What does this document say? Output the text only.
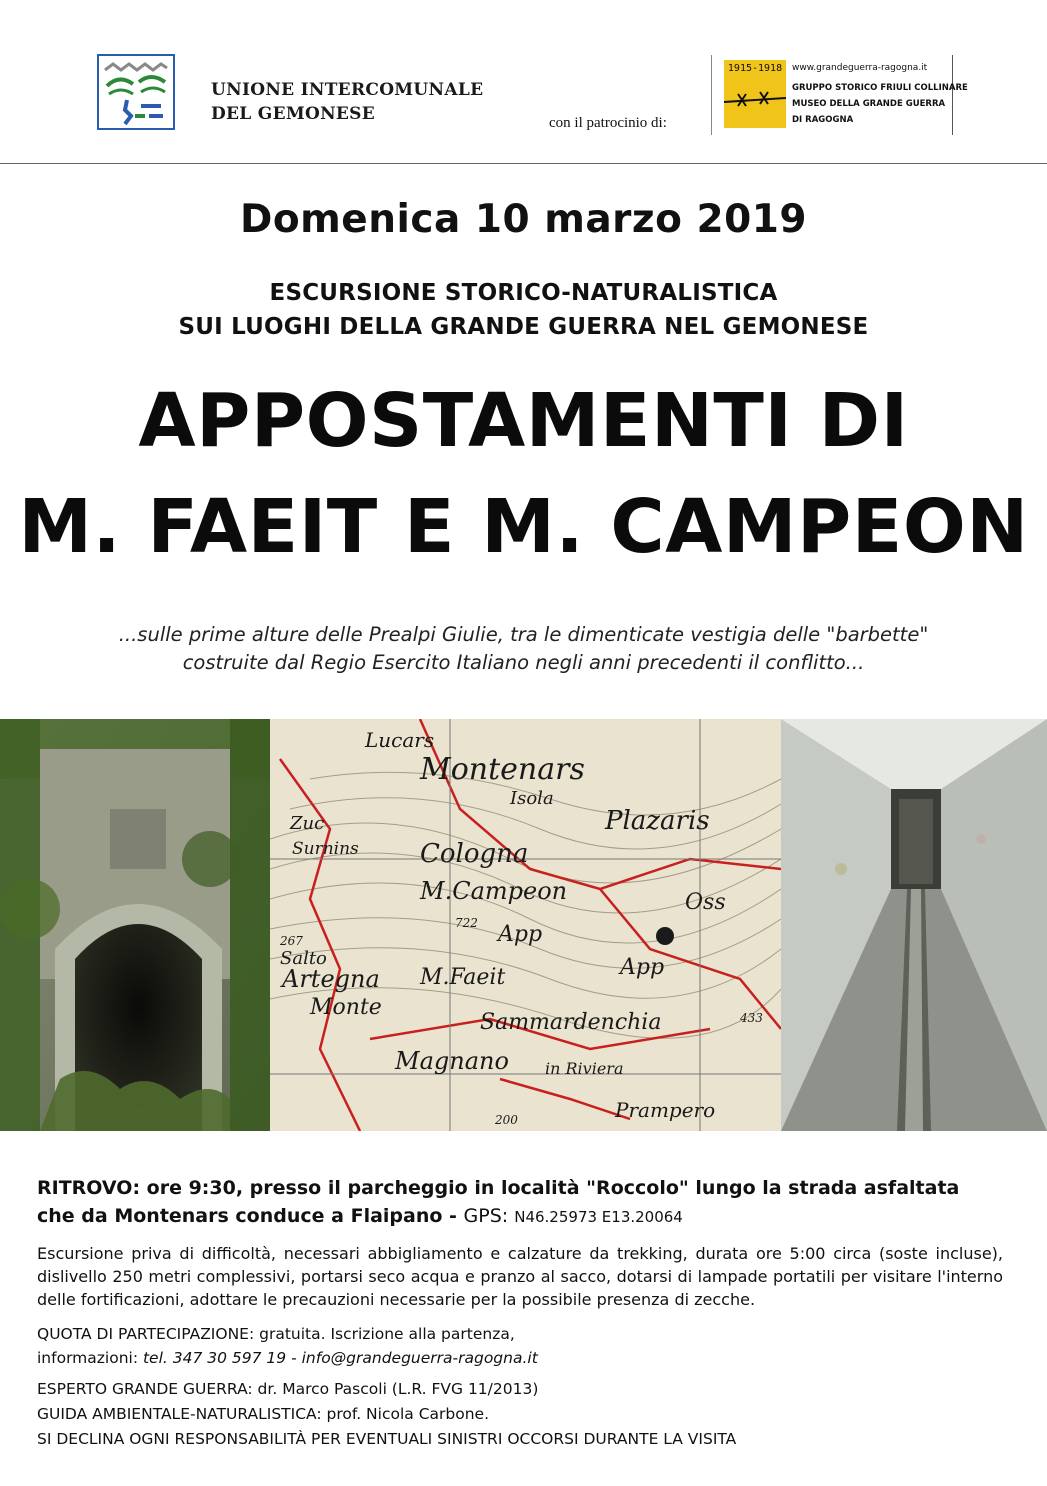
UNIONE INTERCOMUNALE
DEL GEMONESE	con il patrocinio di:
1915-1918	www.grandeguerra-ragogna.it
GRUPPO STORICO FRIULI COLLINARE
MUSEO DELLA GRANDE GUERRA
DI RAGOGNA
Domenica 10 marzo 2019
ESCURSIONE STORICO-NATURALISTICA
SUI LUOGHI DELLA GRANDE GUERRA NEL GEMONESE
APPOSTAMENTI DI
M. FAEIT E M. CAMPEON
...sulle prime alture delle Prealpi Giulie, tra le dimenticate vestigia delle "barbette"
costruite dal Regio Esercito Italiano negli anni precedenti il conflitto...
Lucars
Montenars
Isola
Plazaris
Zuc
Surnins Cologna
M.Campeon	Oss
Salto
App
App
Artegna M.Faeit
Monte
Sammardenchia
Magnano in Riviera
Prampero
722
433
200
267
RITROVO: ore 9:30, presso il parcheggio in località "Roccolo" lungo la strada asfaltata
che da Montenars conduce a Flaipano - GPS: N46.25973 E13.20064
Escursione priva di difficoltà, necessari abbigliamento e calzature da trekking, durata ore 5:00 circa (soste incluse), dislivello 250 metri complessivi, portarsi seco acqua e pranzo al sacco, dotarsi di lampade portatili per visitare l'interno delle fortificazioni, adottare le precauzioni necessarie per la possibile presenza di zecche.
QUOTA DI PARTECIPAZIONE: gratuita. Iscrizione alla partenza,
informazioni: tel. 347 30 597 19 - info@grandeguerra-ragogna.it
ESPERTO GRANDE GUERRA: dr. Marco Pascoli (L.R. FVG 11/2013)
GUIDA AMBIENTALE-NATURALISTICA: prof. Nicola Carbone.
SI DECLINA OGNI RESPONSABILITÀ PER EVENTUALI SINISTRI OCCORSI DURANTE LA VISITA
